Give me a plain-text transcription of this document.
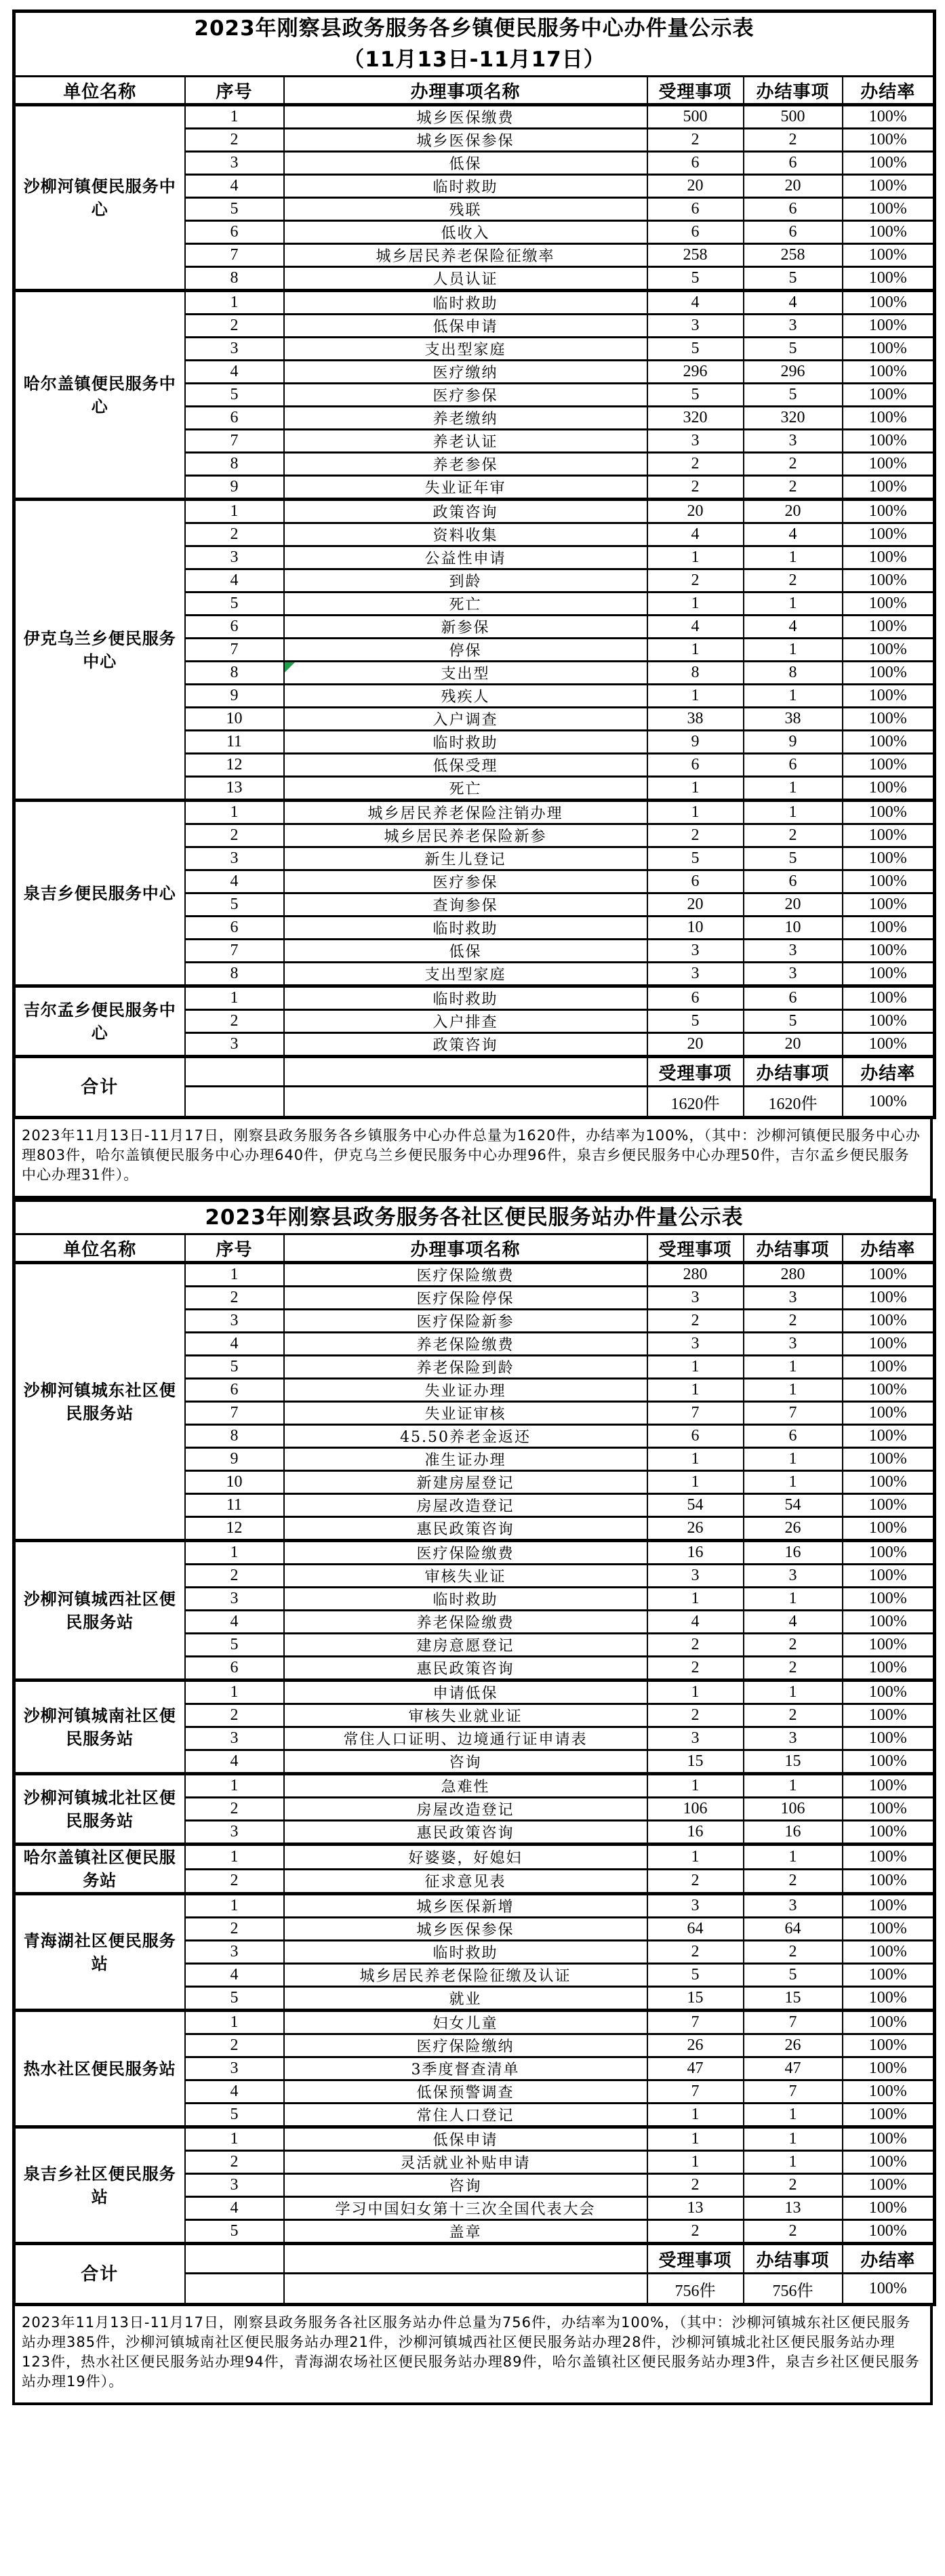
2023年刚察县政务服务各乡镇便民服务中心办件量公示表
（11月13日-11月17日）					

单位名称	序号	办理事项名称	受理事项	办结事项	办结率
沙柳河镇便民服务中心	1	城乡医保缴费	500	500	100%
	2	城乡医保参保	2	2	100%
	3	低保	6	6	100%
	4	临时救助	20	20	100%
	5	残联	6	6	100%
	6	低收入	6	6	100%
	7	城乡居民养老保险征缴率	258	258	100%
	8	人员认证	5	5	100%
哈尔盖镇便民服务中心	1	临时救助	4	4	100%
	2	低保申请	3	3	100%
	3	支出型家庭	5	5	100%
	4	医疗缴纳	296	296	100%
	5	医疗参保	5	5	100%
	6	养老缴纳	320	320	100%
	7	养老认证	3	3	100%
	8	养老参保	2	2	100%
	9	失业证年审	2	2	100%
伊克乌兰乡便民服务中心	1	政策咨询	20	20	100%
	2	资料收集	4	4	100%
	3	公益性申请	1	1	100%
	4	到龄	2	2	100%
	5	死亡	1	1	100%
	6	新参保	4	4	100%
	7	停保	1	1	100%
	8	支出型	8	8	100%
	9	残疾人	1	1	100%
	10	入户调查	38	38	100%
	11	临时救助	9	9	100%
	12	低保受理	6	6	100%
	13	死亡	1	1	100%
泉吉乡便民服务中心	1	城乡居民养老保险注销办理	1	1	100%
	2	城乡居民养老保险新参	2	2	100%
	3	新生儿登记	5	5	100%
	4	医疗参保	6	6	100%
	5	查询参保	20	20	100%
	6	临时救助	10	10	100%
	7	低保	3	3	100%
	8	支出型家庭	3	3	100%
吉尔孟乡便民服务中心	1	临时救助	6	6	100%
	2	入户排查	5	5	100%
	3	政策咨询	20	20	100%
合计			受理事项	办结事项	办结率
			1620件	1620件	100%
2023年11月13日-11月17日，刚察县政务服务各乡镇服务中心办件总量为1620件，办结率为100%，（其中：沙柳河镇便民服务中心办理803件，哈尔盖镇便民服务中心办理640件，伊克乌兰乡便民服务中心办理96件，泉吉乡便民服务中心办理50件，吉尔孟乡便民服务中心办理31件）。
2023年刚察县政务服务各社区便民服务站办件量公示表					

单位名称	序号	办理事项名称	受理事项	办结事项	办结率
沙柳河镇城东社区便民服务站	1	医疗保险缴费	280	280	100%
	2	医疗保险停保	3	3	100%
	3	医疗保险新参	2	2	100%
	4	养老保险缴费	3	3	100%
	5	养老保险到龄	1	1	100%
	6	失业证办理	1	1	100%
	7	失业证审核	7	7	100%
	8	45.50养老金返还	6	6	100%
	9	准生证办理	1	1	100%
	10	新建房屋登记	1	1	100%
	11	房屋改造登记	54	54	100%
	12	惠民政策咨询	26	26	100%
沙柳河镇城西社区便民服务站	1	医疗保险缴费	16	16	100%
	2	审核失业证	3	3	100%
	3	临时救助	1	1	100%
	4	养老保险缴费	4	4	100%
	5	建房意愿登记	2	2	100%
	6	惠民政策咨询	2	2	100%
沙柳河镇城南社区便民服务站	1	申请低保	1	1	100%
	2	审核失业就业证	2	2	100%
	3	常住人口证明、边境通行证申请表	3	3	100%
	4	咨询	15	15	100%
沙柳河镇城北社区便民服务站	1	急难性	1	1	100%
	2	房屋改造登记	106	106	100%
	3	惠民政策咨询	16	16	100%
哈尔盖镇社区便民服务站	1	好婆婆，好媳妇	1	1	100%
	2	征求意见表	2	2	100%
青海湖社区便民服务站	1	城乡医保新增	3	3	100%
	2	城乡医保参保	64	64	100%
	3	临时救助	2	2	100%
	4	城乡居民养老保险征缴及认证	5	5	100%
	5	就业	15	15	100%
热水社区便民服务站	1	妇女儿童	7	7	100%
	2	医疗保险缴纳	26	26	100%
	3	3季度督查清单	47	47	100%
	4	低保预警调查	7	7	100%
	5	常住人口登记	1	1	100%
泉吉乡社区便民服务站	1	低保申请	1	1	100%
	2	灵活就业补贴申请	1	1	100%
	3	咨询	2	2	100%
	4	学习中国妇女第十三次全国代表大会	13	13	100%
	5	盖章	2	2	100%
合计			受理事项	办结事项	办结率
			756件	756件	100%
2023年11月13日-11月17日，刚察县政务服务各社区服务站办件总量为756件，办结率为100%，（其中：沙柳河镇城东社区便民服务站办理385件，沙柳河镇城南社区便民服务站办理21件，沙柳河镇城西社区便民服务站办理28件，沙柳河镇城北社区便民服务站办理123件，热水社区便民服务站办理94件，青海湖农场社区便民服务站办理89件，哈尔盖镇社区便民服务站办理3件，泉吉乡社区便民服务站办理19件）。
